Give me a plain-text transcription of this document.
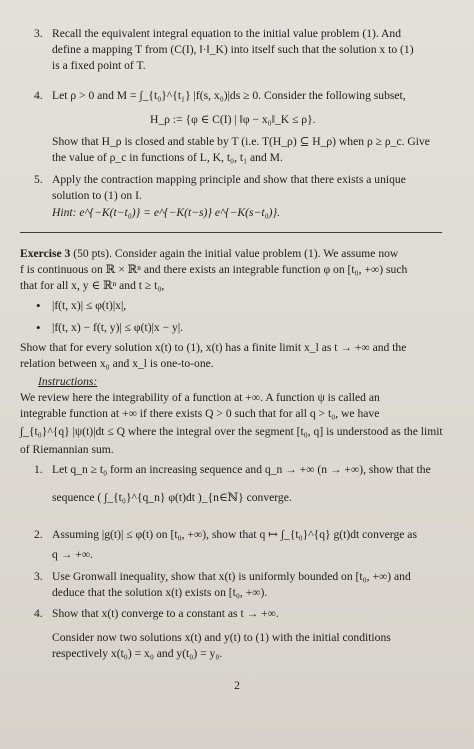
3. Recall the equivalent integral equation to the initial value problem (1). And
define a mapping T from (C(I), ‖·‖_K) into itself such that the solution x to (1)
is a fixed point of T.
4. Let ρ > 0 and M = ∫_{t₀}^{t₁} |f(s, x₀)|ds ≥ 0. Consider the following subset,
H_ρ := {φ ∈ C(I) | ‖φ − x₀‖_K ≤ ρ}.
Show that H_ρ is closed and stable by T (i.e. T(H_ρ) ⊆ H_ρ) when ρ ≥ ρ_c. Give
the value of ρ_c in functions of L, K, t₀, t₁ and M.
5. Apply the contraction mapping principle and show that there exists a unique
solution to (1) on I.
Hint: e^{−K(t−t₀)} = e^{−K(t−s)} e^{−K(s−t₀)}.
Exercise 3 (50 pts). Consider again the initial value problem (1). We assume now
f is continuous on ℝ × ℝⁿ and there exists an integrable function φ on [t₀, +∞) such
that for all x, y ∈ ℝⁿ and t ≥ t₀,
• |f(t, x)| ≤ φ(t)|x|,
• |f(t, x) − f(t, y)| ≤ φ(t)|x − y|.
Show that for every solution x(t) to (1), x(t) has a finite limit x_l as t → +∞ and the
relation between x₀ and x_l is one-to-one.
Instructions:
We review here the integrability of a function at +∞. A function ψ is called an
integrable function at +∞ if there exists Q > 0 such that for all q > t₀, we have
∫_{t₀}^{q} |ψ(t)|dt ≤ Q where the integral over the segment [t₀, q] is understood as the limit
of Riemannian sum.
1. Let q_n ≥ t₀ form an increasing sequence and q_n → +∞ (n → +∞), show that the
sequence ( ∫_{t₀}^{q_n} φ(t)dt )_{n∈ℕ} converge.
2. Assuming |g(t)| ≤ φ(t) on [t₀, +∞), show that q ↦ ∫_{t₀}^{q} g(t)dt converge as
q → +∞.
3. Use Gronwall inequality, show that x(t) is uniformly bounded on [t₀, +∞) and
deduce that the solution x(t) exists on [t₀, +∞).
4. Show that x(t) converge to a constant as t → +∞.
Consider now two solutions x(t) and y(t) to (1) with the initial conditions
respectively x(t₀) = x₀ and y(t₀) = y₀.
2
